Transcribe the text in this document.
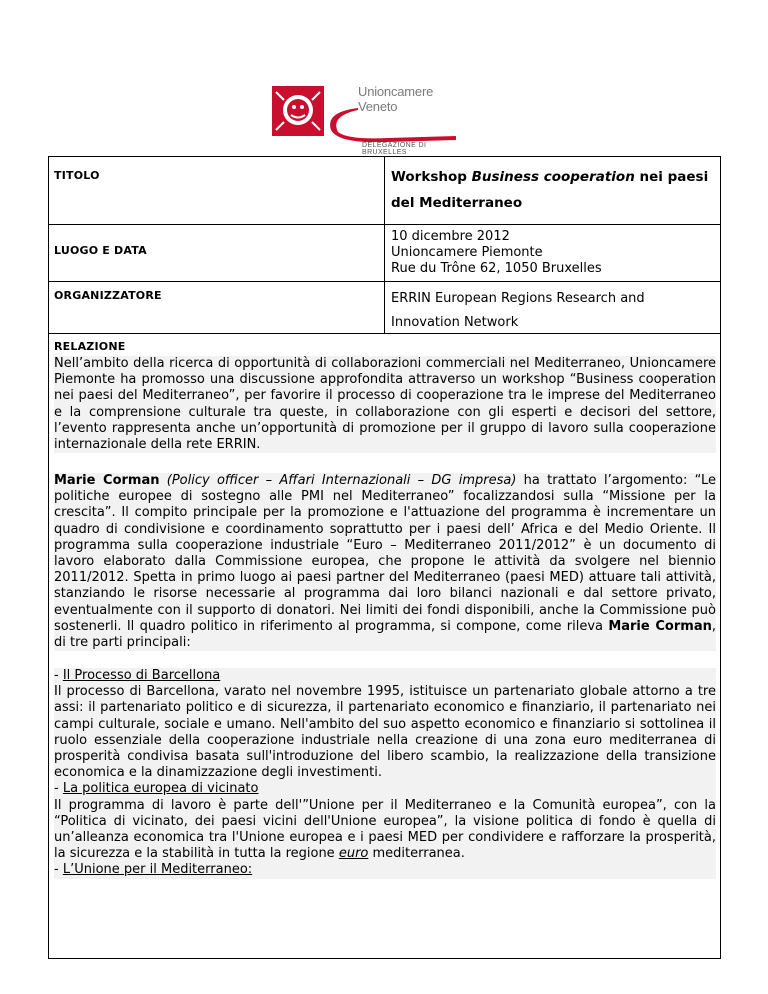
Unioncamere
Veneto
DELEGAZIONE DI BRUXELLES
TITOLO	Workshop Business cooperation nei paesi del Mediterraneo
LUOGO E DATA
10 dicembre 2012
Unioncamere Piemonte
Rue du Trône 62, 1050 Bruxelles
ORGANIZZATORE	ERRIN European Regions Research and Innovation Network
RELAZIONE
Nell’ambito della ricerca di opportunità di collaborazioni commerciali nel Mediterraneo, Unioncamere Piemonte ha promosso una discussione approfondita attraverso un workshop “Business cooperation nei paesi del Mediterraneo”, per favorire il processo di cooperazione tra le imprese del Mediterraneo e la comprensione culturale tra queste, in collaborazione con gli esperti e decisori del settore, l’evento rappresenta anche un’opportunità di promozione per il gruppo di lavoro sulla cooperazione internazionale della rete ERRIN.
Marie Corman (Policy officer – Affari Internazionali – DG impresa) ha trattato l’argomento: “Le politiche europee di sostegno alle PMI nel Mediterraneo” focalizzandosi sulla “Missione per la crescita”. Il compito principale per la promozione e l'attuazione del programma è incrementare un quadro di condivisione e coordinamento soprattutto per i paesi dell’ Africa e del Medio Oriente. Il programma sulla cooperazione industriale “Euro – Mediterraneo 2011/2012” è un documento di lavoro elaborato dalla Commissione europea, che propone le attività da svolgere nel biennio 2011/2012. Spetta in primo luogo ai paesi partner del Mediterraneo (paesi MED) attuare tali attività, stanziando le risorse necessarie al programma dai loro bilanci nazionali e dal settore privato, eventualmente con il supporto di donatori. Nei limiti dei fondi disponibili, anche la Commissione può sostenerli. Il quadro politico in riferimento al programma, si compone, come rileva Marie Corman, di tre parti principali:
- Il Processo di Barcellona
Il processo di Barcellona, varato nel novembre 1995, istituisce un partenariato globale attorno a tre assi: il partenariato politico e di sicurezza, il partenariato economico e finanziario, il partenariato nei campi culturale, sociale e umano. Nell'ambito del suo aspetto economico e finanziario si sottolinea il ruolo essenziale della cooperazione industriale nella creazione di una zona euro mediterranea di prosperità condivisa basata sull'introduzione del libero scambio, la realizzazione della transizione economica e la dinamizzazione degli investimenti.
- La politica europea di vicinato
Il programma di lavoro è parte dell'”Unione per il Mediterraneo e la Comunità europea”, con la “Politica di vicinato, dei paesi vicini dell'Unione europea”, la visione politica di fondo è quella di un’alleanza economica tra l'Unione europea e i paesi MED per condividere e rafforzare la prosperità, la sicurezza e la stabilità in tutta la regione euro mediterranea.
- L’Unione per il Mediterraneo:
